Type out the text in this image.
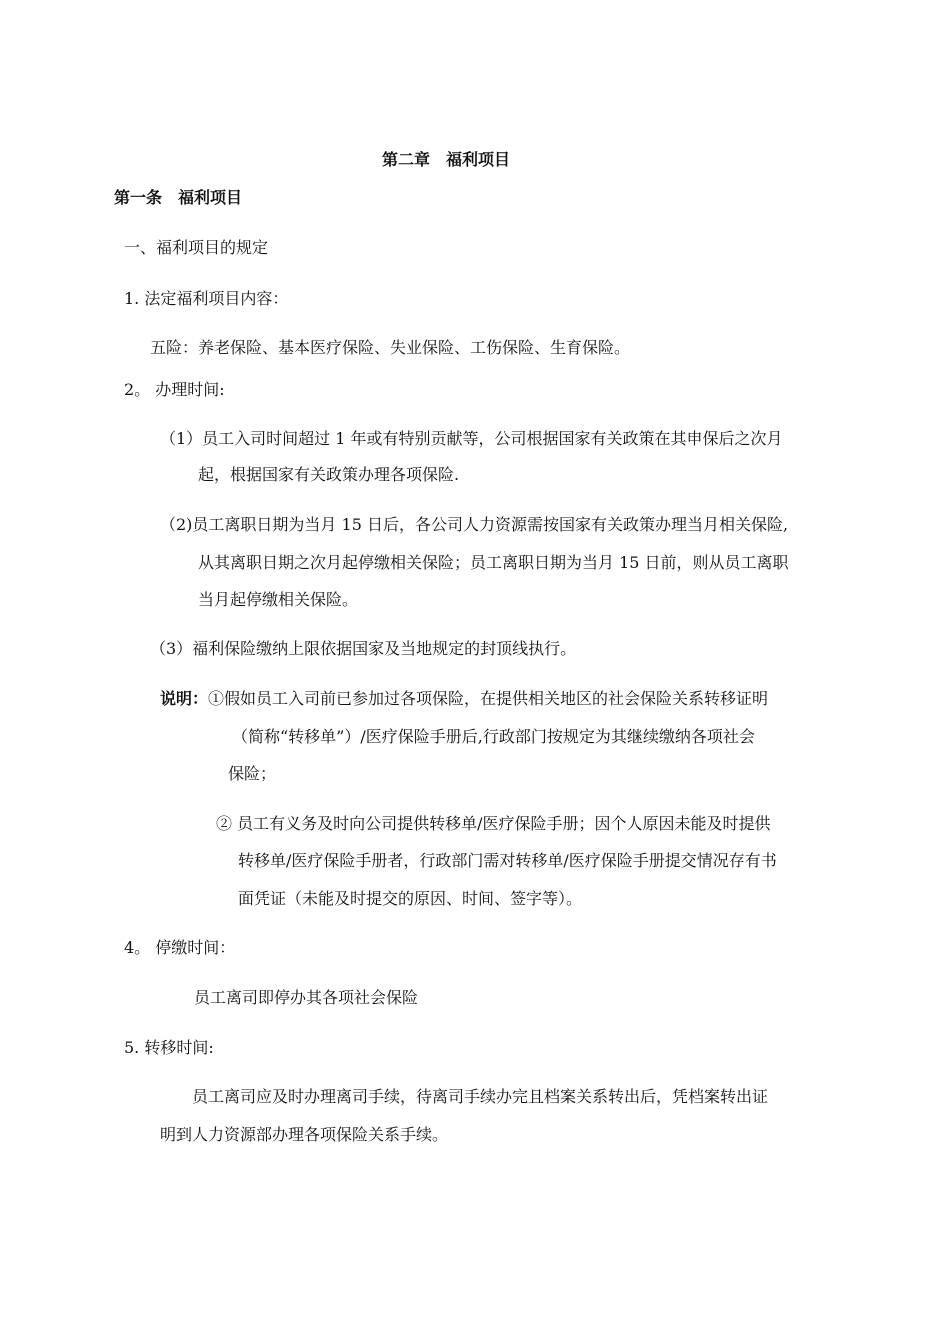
第二章　福利项目
第一条　福利项目
一、福利项目的规定
1. 法定福利项目内容：
五险：养老保险、基本医疗保险、失业保险、工伤保险、生育保险。
2。 办理时间:
（1）员工入司时间超过 1 年或有特别贡献等，公司根据国家有关政策在其申保后之次月
起，根据国家有关政策办理各项保险.
（2)员工离职日期为当月 15 日后，各公司人力资源需按国家有关政策办理当月相关保险,
从其离职日期之次月起停缴相关保险；员工离职日期为当月 15 日前，则从员工离职
当月起停缴相关保险。
（3）福利保险缴纳上限依据国家及当地规定的封顶线执行。
说明： ①假如员工入司前已参加过各项保险，在提供相关地区的社会保险关系转移证明
（简称“转移单”）/医疗保险手册后,行政部门按规定为其继续缴纳各项社会
保险；
② 员工有义务及时向公司提供转移单/医疗保险手册；因个人原因未能及时提供
转移单/医疗保险手册者，行政部门需对转移单/医疗保险手册提交情况存有书
面凭证（未能及时提交的原因、时间、签字等）。
4。 停缴时间：
员工离司即停办其各项社会保险
5. 转移时间:
员工离司应及时办理离司手续，待离司手续办完且档案关系转出后，凭档案转出证
明到人力资源部办理各项保险关系手续。
